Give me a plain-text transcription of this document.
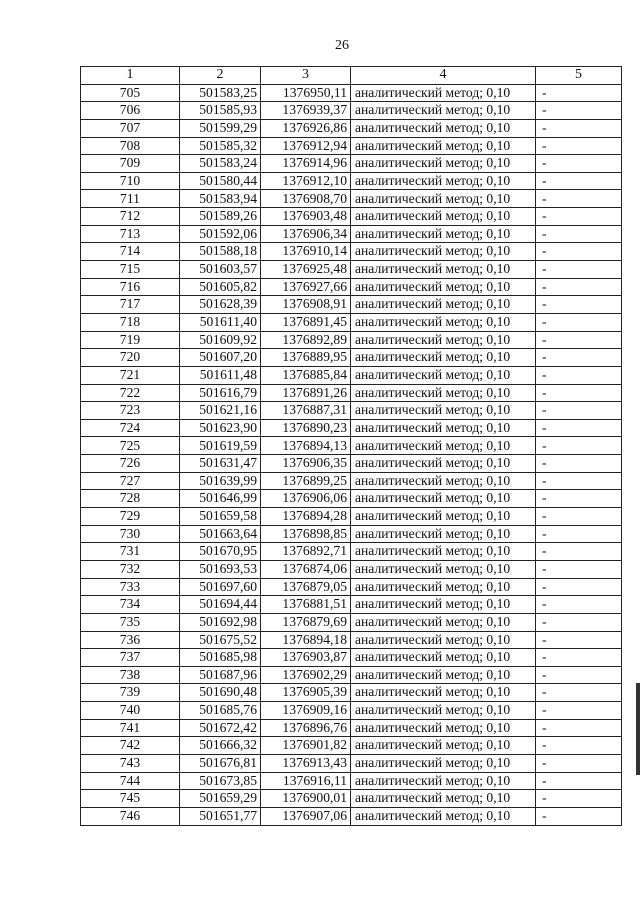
26
1	2	3	4	5
705	501583,25	1376950,11	аналитический метод; 0,10	-
706	501585,93	1376939,37	аналитический метод; 0,10	-
707	501599,29	1376926,86	аналитический метод; 0,10	-
708	501585,32	1376912,94	аналитический метод; 0,10	-
709	501583,24	1376914,96	аналитический метод; 0,10	-
710	501580,44	1376912,10	аналитический метод; 0,10	-
711	501583,94	1376908,70	аналитический метод; 0,10	-
712	501589,26	1376903,48	аналитический метод; 0,10	-
713	501592,06	1376906,34	аналитический метод; 0,10	-
714	501588,18	1376910,14	аналитический метод; 0,10	-
715	501603,57	1376925,48	аналитический метод; 0,10	-
716	501605,82	1376927,66	аналитический метод; 0,10	-
717	501628,39	1376908,91	аналитический метод; 0,10	-
718	501611,40	1376891,45	аналитический метод; 0,10	-
719	501609,92	1376892,89	аналитический метод; 0,10	-
720	501607,20	1376889,95	аналитический метод; 0,10	-
721	501611,48	1376885,84	аналитический метод; 0,10	-
722	501616,79	1376891,26	аналитический метод; 0,10	-
723	501621,16	1376887,31	аналитический метод; 0,10	-
724	501623,90	1376890,23	аналитический метод; 0,10	-
725	501619,59	1376894,13	аналитический метод; 0,10	-
726	501631,47	1376906,35	аналитический метод; 0,10	-
727	501639,99	1376899,25	аналитический метод; 0,10	-
728	501646,99	1376906,06	аналитический метод; 0,10	-
729	501659,58	1376894,28	аналитический метод; 0,10	-
730	501663,64	1376898,85	аналитический метод; 0,10	-
731	501670,95	1376892,71	аналитический метод; 0,10	-
732	501693,53	1376874,06	аналитический метод; 0,10	-
733	501697,60	1376879,05	аналитический метод; 0,10	-
734	501694,44	1376881,51	аналитический метод; 0,10	-
735	501692,98	1376879,69	аналитический метод; 0,10	-
736	501675,52	1376894,18	аналитический метод; 0,10	-
737	501685,98	1376903,87	аналитический метод; 0,10	-
738	501687,96	1376902,29	аналитический метод; 0,10	-
739	501690,48	1376905,39	аналитический метод; 0,10	-
740	501685,76	1376909,16	аналитический метод; 0,10	-
741	501672,42	1376896,76	аналитический метод; 0,10	-
742	501666,32	1376901,82	аналитический метод; 0,10	-
743	501676,81	1376913,43	аналитический метод; 0,10	-
744	501673,85	1376916,11	аналитический метод; 0,10	-
745	501659,29	1376900,01	аналитический метод; 0,10	-
746	501651,77	1376907,06	аналитический метод; 0,10	-
